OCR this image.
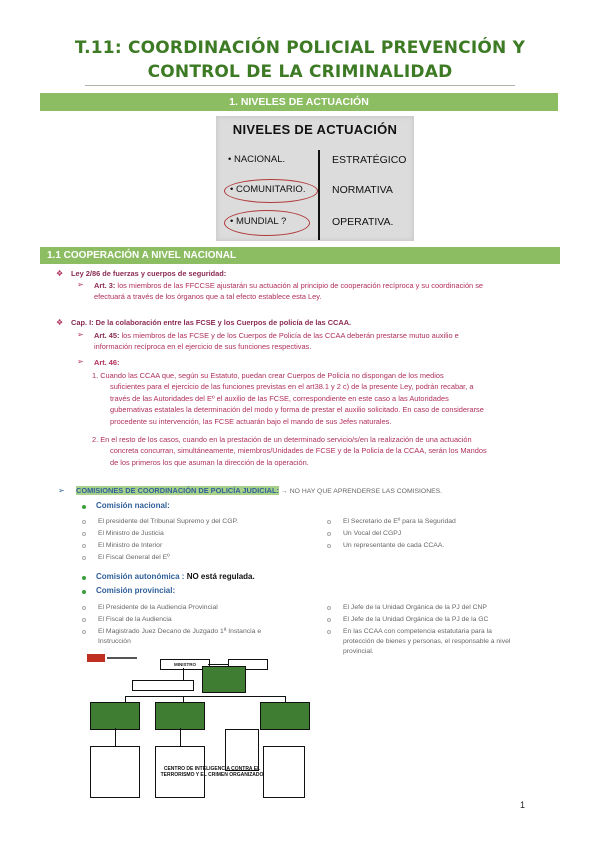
T.11: COORDINACIÓN POLICIAL PREVENCIÓN Y
CONTROL DE LA CRIMINALIDAD
1. NIVELES DE ACTUACIÓN
NIVELES DE ACTUACIÓN
• NACIONAL.
• COMUNITARIO.
• MUNDIAL ?
ESTRATÉGICO
NORMATIVA
OPERATIVA.
1.1 COOPERACIÓN A NIVEL NACIONAL
❖ Ley 2/86 de fuerzas y cuerpos de seguridad:
➢ Art. 3: los miembros de las FFCCSE ajustarán su actuación al principio de cooperación recíproca y su coordinación se
efectuará a través de los órganos que a tal efecto establece esta Ley.
❖ Cap. I: De la colaboración entre las FCSE y los Cuerpos de policía de las CCAA.
➢ Art. 45: los miembros de las FCSE y de los Cuerpos de Policía de las CCAA deberán prestarse mutuo auxilio e
información recíproca en el ejercicio de sus funciones respectivas.
➢ Art. 46:
1. Cuando las CCAA que, según su Estatuto, puedan crear Cuerpos de Policía no dispongan de los medios
suficientes para el ejercicio de las funciones previstas en el art38.1 y 2 c) de la presente Ley, podrán recabar, a
través de las Autoridades del Eº el auxilio de las FCSE, correspondiente en este caso a las Autoridades
gubernativas estatales la determinación del modo y forma de prestar el auxilio solicitado. En caso de considerarse
procedente su intervención, las FCSE actuarán bajo el mando de sus Jefes naturales.
2. En el resto de los casos, cuando en la prestación de un determinado servicio/s/en la realización de una actuación
concreta concurran, simultáneamente, miembros/Unidades de FCSE y de la Policía de la CCAA, serán los Mandos
de los primeros los que asuman la dirección de la operación.
➢ COMISIONES DE COORDINACIÓN DE POLICÍA JUDICIAL: → NO HAY QUE APRENDERSE LAS COMISIONES.
Comisión nacional:
El presidente del Tribunal Supremo y del CGP.
El Ministro de Justicia
El Ministro de Interior
El Fiscal General del Eº
El Secretario de Eº para la Seguridad
Un Vocal del CGPJ
Un representante de cada CCAA.
Comisión autonómica : NO está regulada.
Comisión provincial:
El Presidente de la Audiencia Provincial
El Fiscal de la Audiencia
El Magistrado Juez Decano de Juzgado 1ª Instancia e
Instrucción
El Jefe de la Unidad Orgánica de la PJ del CNP
El Jefe de la Unidad Orgánica de la PJ de la GC
En las CCAA con competencia estatutaria para la
protección de bienes y personas, el responsable a nivel
provincial.
MINISTRO
CENTRO DE INTELIGENCIA CONTRA EL TERRORISMO Y EL CRIMEN ORGANIZADO
1
